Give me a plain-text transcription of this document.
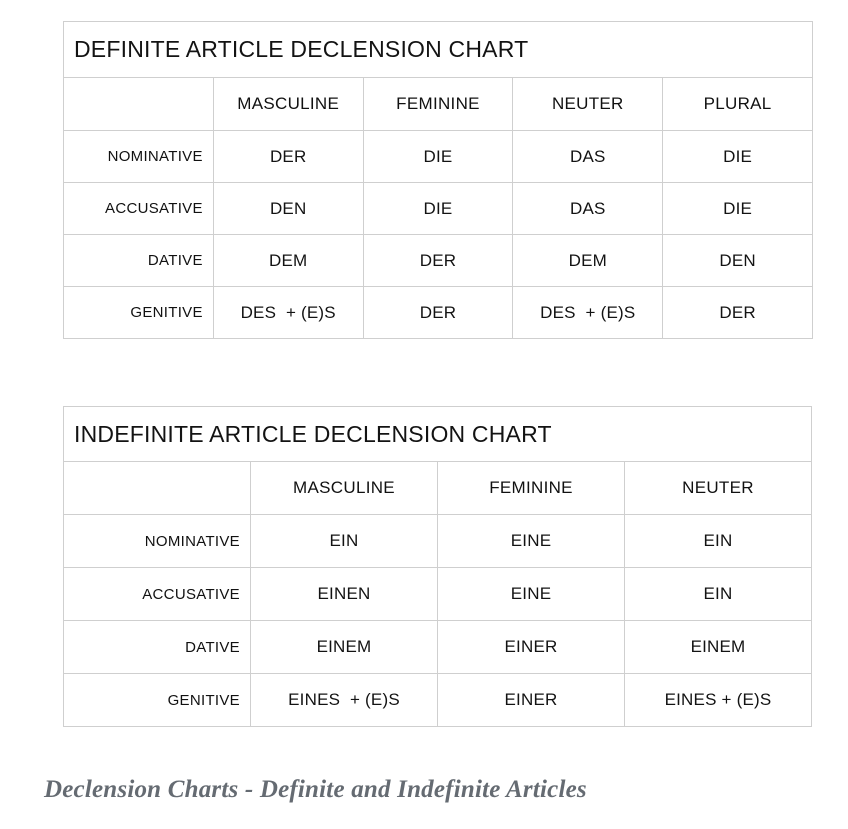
DEFINITE ARTICLE DECLENSION CHART				
	MASCULINE	FEMININE	NEUTER	PLURAL
NOMINATIVE	DER	DIE	DAS	DIE
ACCUSATIVE	DEN	DIE	DAS	DIE
DATIVE	DEM	DER	DEM	DEN
GENITIVE	DES  + (E)S	DER	DES  + (E)S	DER
INDEFINITE ARTICLE DECLENSION CHART			
	MASCULINE	FEMININE	NEUTER
NOMINATIVE	EIN	EINE	EIN
ACCUSATIVE	EINEN	EINE	EIN
DATIVE	EINEM	EINER	EINEM
GENITIVE	EINES  + (E)S	EINER	EINES + (E)S
Declension Charts - Definite and Indefinite Articles
